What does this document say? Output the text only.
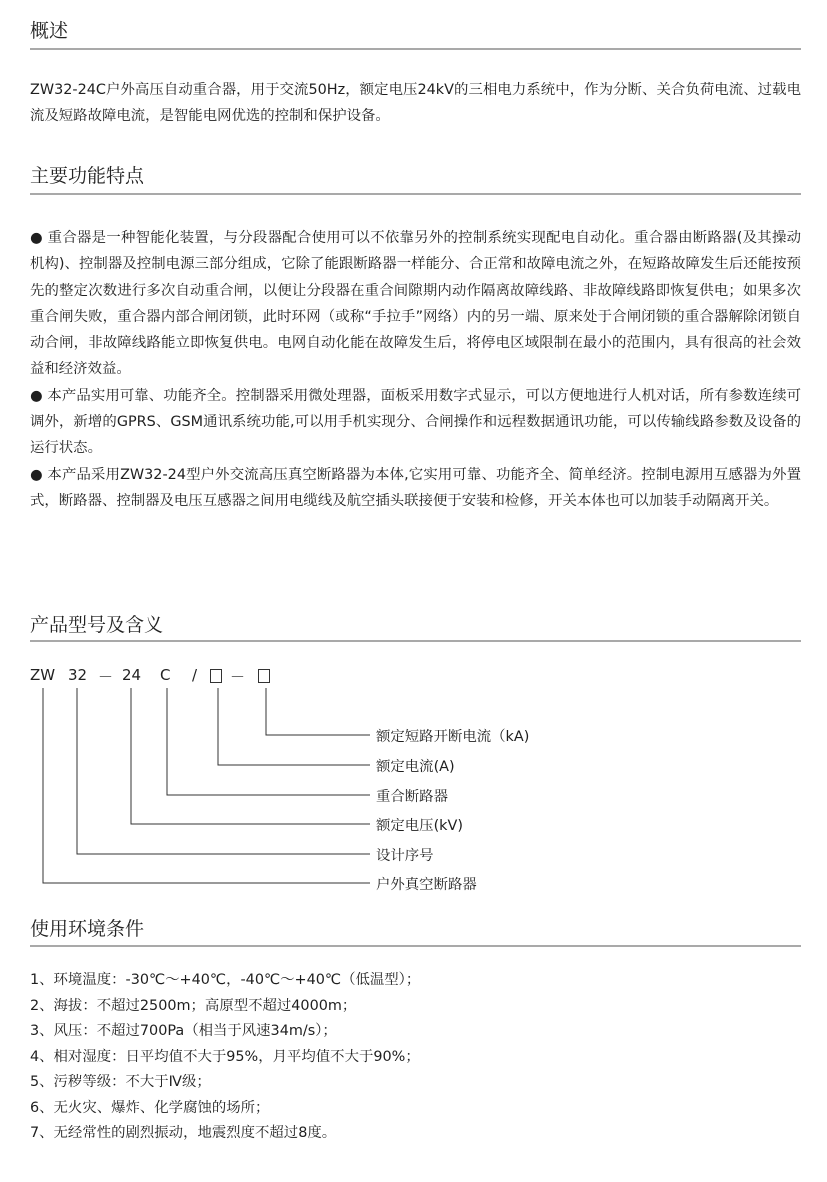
概述

ZW32-24C户外高压自动重合器，用于交流50Hz，额定电压24kV的三相电力系统中，作为分断、关合负荷电流、过载电流及短路故障电流，是智能电网优选的控制和保护设备。

主要功能特点

● 重合器是一种智能化装置，与分段器配合使用可以不依靠另外的控制系统实现配电自动化。重合器由断路器(及其操动机构)、控制器及控制电源三部分组成，它除了能跟断路器一样能分、合正常和故障电流之外，在短路故障发生后还能按预先的整定次数进行多次自动重合闸，以便让分段器在重合间隙期内动作隔离故障线路、非故障线路即恢复供电；如果多次重合闸失败，重合器内部合闸闭锁，此时环网（或称“手拉手”网络）内的另一端、原来处于合闸闭锁的重合器解除闭锁自动合闸，非故障线路能立即恢复供电。电网自动化能在故障发生后，将停电区域限制在最小的范围内，具有很高的社会效益和经济效益。

● 本产品实用可靠、功能齐全。控制器采用微处理器，面板采用数字式显示，可以方便地进行人机对话，所有参数连续可调外，新增的GPRS、GSM通讯系统功能,可以用手机实现分、合闸操作和远程数据通讯功能，可以传输线路参数及设备的运行状态。

● 本产品采用ZW32-24型户外交流高压真空断路器为本体,它实用可靠、功能齐全、简单经济。控制电源用互感器为外置式，断路器、控制器及电压互感器之间用电缆线及航空插头联接便于安装和检修，开关本体也可以加装手动隔离开关。

产品型号及含义
ZW 32 － 24 C / －
额定短路开断电流（kA)
额定电流(A)
重合断路器
额定电压(kV)
设计序号
户外真空断路器
使用环境条件
1、环境温度：-30℃～+40℃，-40℃～+40℃（低温型）；
2、海拔：不超过2500m；高原型不超过4000m；
3、风压：不超过700Pa（相当于风速34m/s）；
4、相对湿度：日平均值不大于95%，月平均值不大于90%；
5、污秽等级：不大于Ⅳ级；
6、无火灾、爆炸、化学腐蚀的场所；
7、无经常性的剧烈振动，地震烈度不超过8度。
